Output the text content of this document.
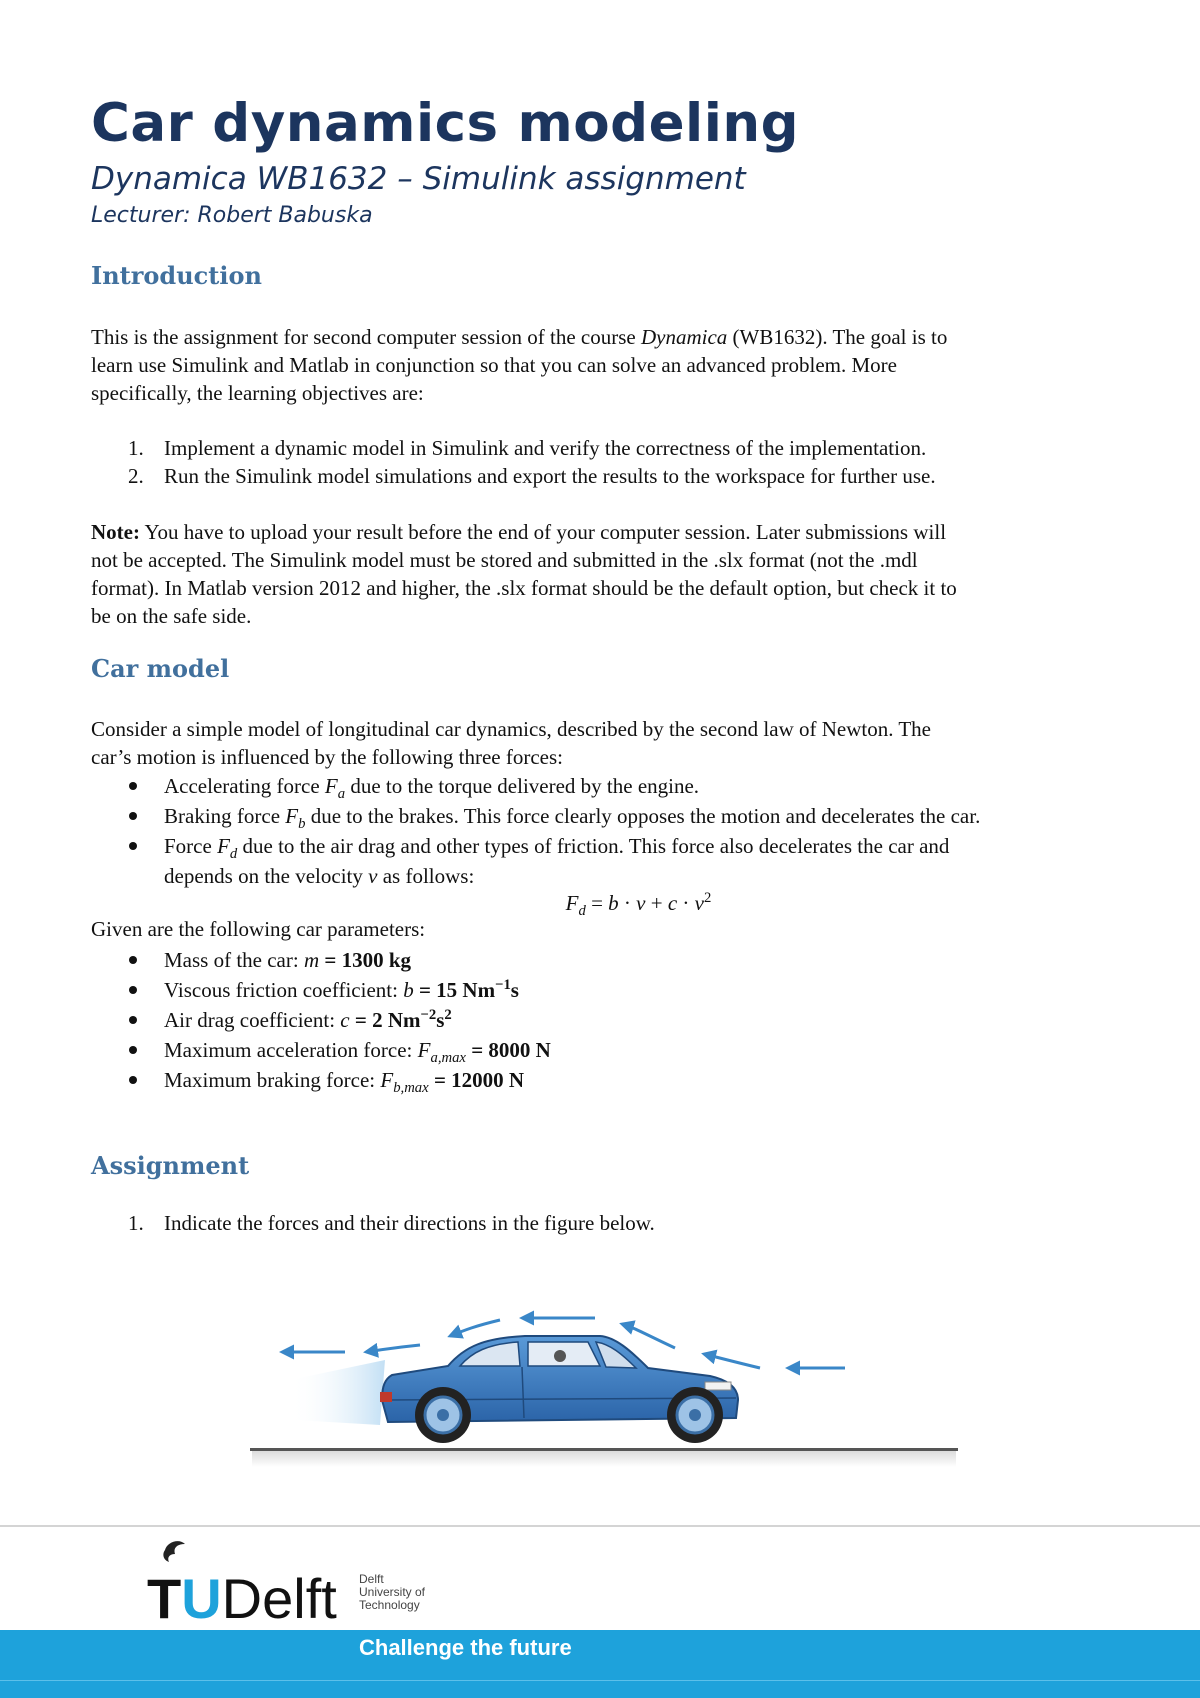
Car dynamics modeling

Dynamica WB1632 – Simulink assignment

Lecturer: Robert Babuska

Introduction

This is the assignment for second computer session of the course Dynamica (WB1632). The goal is to
learn use Simulink and Matlab in conjunction so that you can solve an advanced problem. More
specifically, the learning objectives are:

1. Implement a dynamic model in Simulink and verify the correctness of the implementation.
2. Run the Simulink model simulations and export the results to the workspace for further use.

Note: You have to upload your result before the end of your computer session. Later submissions will
not be accepted. The Simulink model must be stored and submitted in the .slx format (not the .mdl
format). In Matlab version 2012 and higher, the .slx format should be the default option, but check it to
be on the safe side.

Car model

Consider a simple model of longitudinal car dynamics, described by the second law of Newton. The
car’s motion is influenced by the following three forces:

Accelerating force $F_a$ due to the torque delivered by the engine.
Braking force $F_b$ due to the brakes. This force clearly opposes the motion and decelerates the car.
Force $F_d$ due to the air drag and other types of friction. This force also decelerates the car and
depends on the velocity v as follows:
$F_d = b \cdot v + c \cdot v^2$

Given are the following car parameters:

Mass of the car: m = 1300 kg
Viscous friction coefficient: b = 15 $Nm^{-1}s$
Air drag coefficient: c = 2 $Nm^{-2}s^2$
Maximum acceleration force: $F_{a,max} = 8000$ N
Maximum braking force: $F_{b,max} = 12000$ N
Assignment
1. Indicate the forces and their directions in the figure below.
TUDelft Delft University of Technology

Challenge the future
